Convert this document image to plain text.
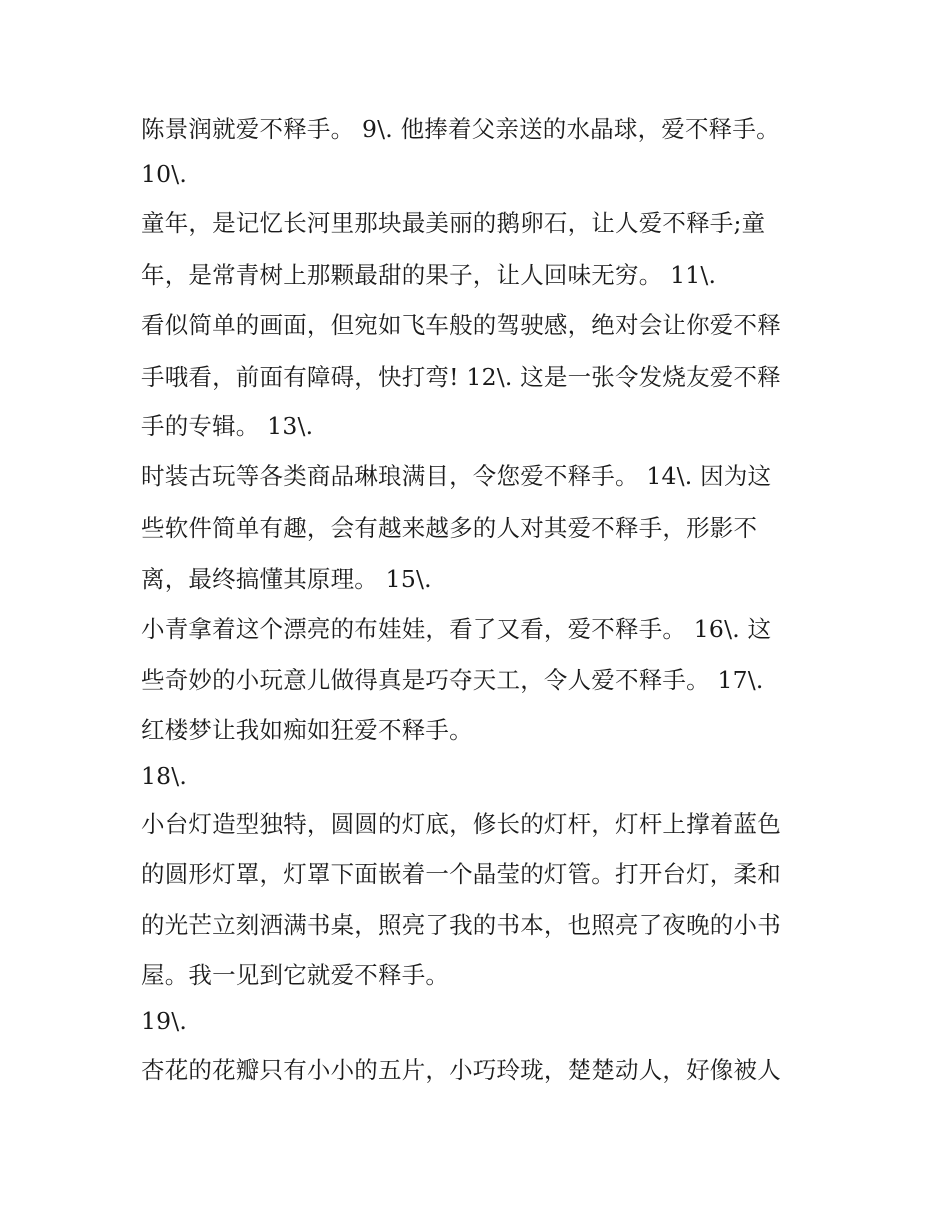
陈景润就爱不释手。 9\. 他捧着父亲送的水晶球，爱不释手。
10\.
童年，是记忆长河里那块最美丽的鹅卵石，让人爱不释手;童
年，是常青树上那颗最甜的果子，让人回味无穷。 11\.
看似简单的画面，但宛如飞车般的驾驶感，绝对会让你爱不释
手哦看，前面有障碍，快打弯! 12\. 这是一张令发烧友爱不释
手的专辑。 13\.
时装古玩等各类商品琳琅满目，令您爱不释手。 14\. 因为这
些软件简单有趣，会有越来越多的人对其爱不释手，形影不
离，最终搞懂其原理。 15\.
小青拿着这个漂亮的布娃娃，看了又看，爱不释手。 16\. 这
些奇妙的小玩意儿做得真是巧夺天工，令人爱不释手。 17\.
红楼梦让我如痴如狂爱不释手。
18\.
小台灯造型独特，圆圆的灯底，修长的灯杆，灯杆上撑着蓝色
的圆形灯罩，灯罩下面嵌着一个晶莹的灯管。打开台灯，柔和
的光芒立刻洒满书桌，照亮了我的书本，也照亮了夜晚的小书
屋。我一见到它就爱不释手。
19\.
杏花的花瓣只有小小的五片，小巧玲珑，楚楚动人，好像被人
